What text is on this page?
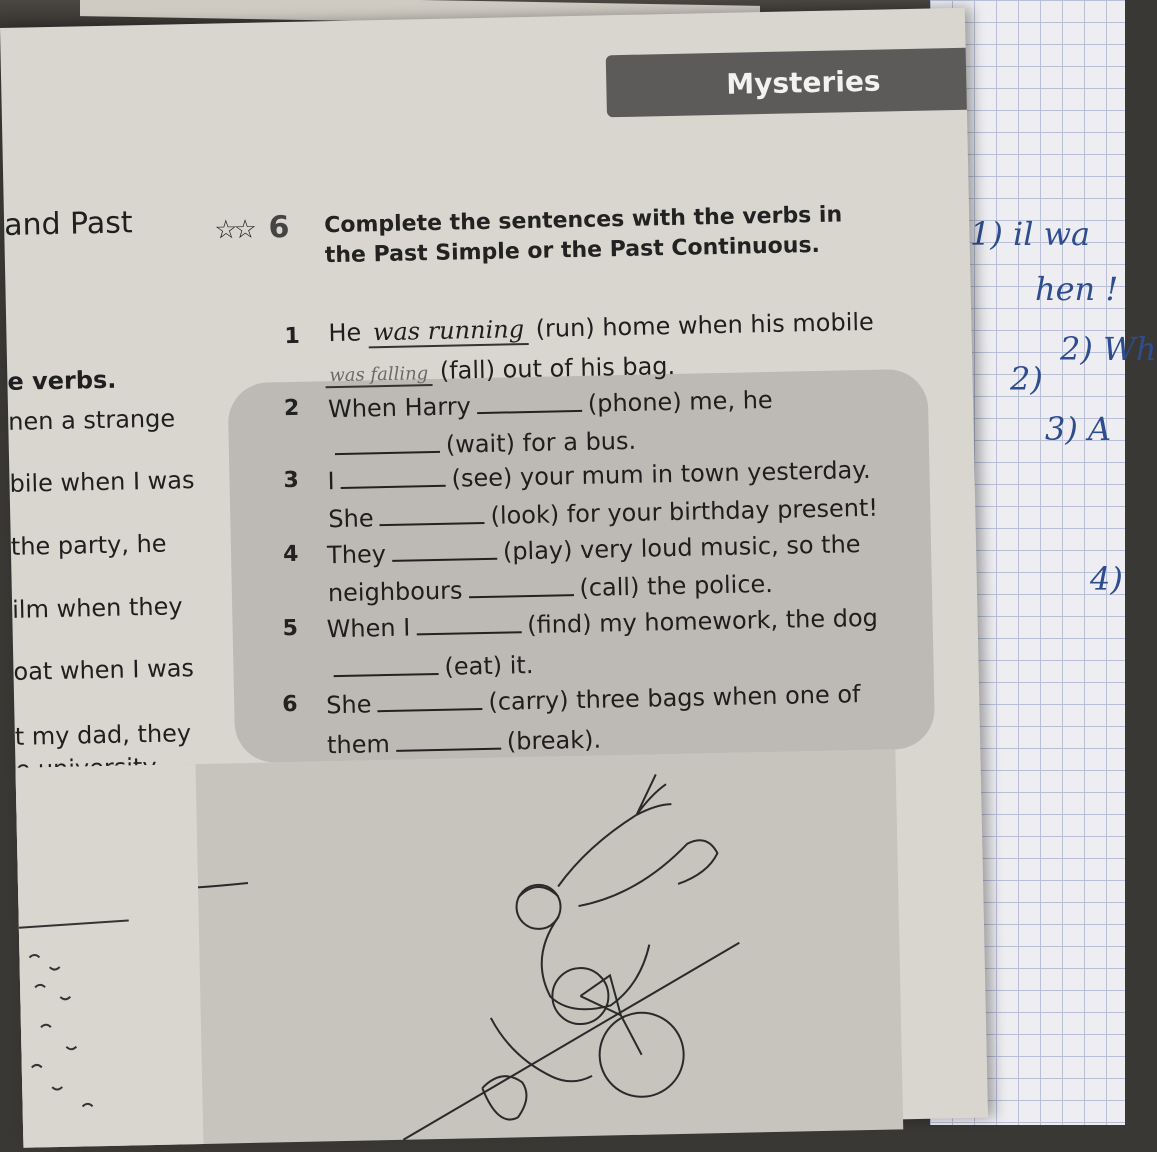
1) il wa
hen !
2) Wh
2)
3) A
4)
Mysteries
and Past
e verbs.
nen a strange
bile when I was
the party, he
ilm when they
oat when I was
t my dad, they
☆☆ 6 Complete the sentences with the verbs in the Past Simple or the Past Continuous.
1 He was running (run) home when his mobile
was falling (fall) out of his bag.
2 When Harry	(phone) me, he
(wait) for a bus.
3 I	(see) your mum in town yesterday.
She	(look) for your birthday present!
4 They	(play) very loud music, so the
neighbours	(call) the police.
5 When I	(find) my homework, the dog
(eat) it.
6 She	(carry) three bags when one of
them	(break).
